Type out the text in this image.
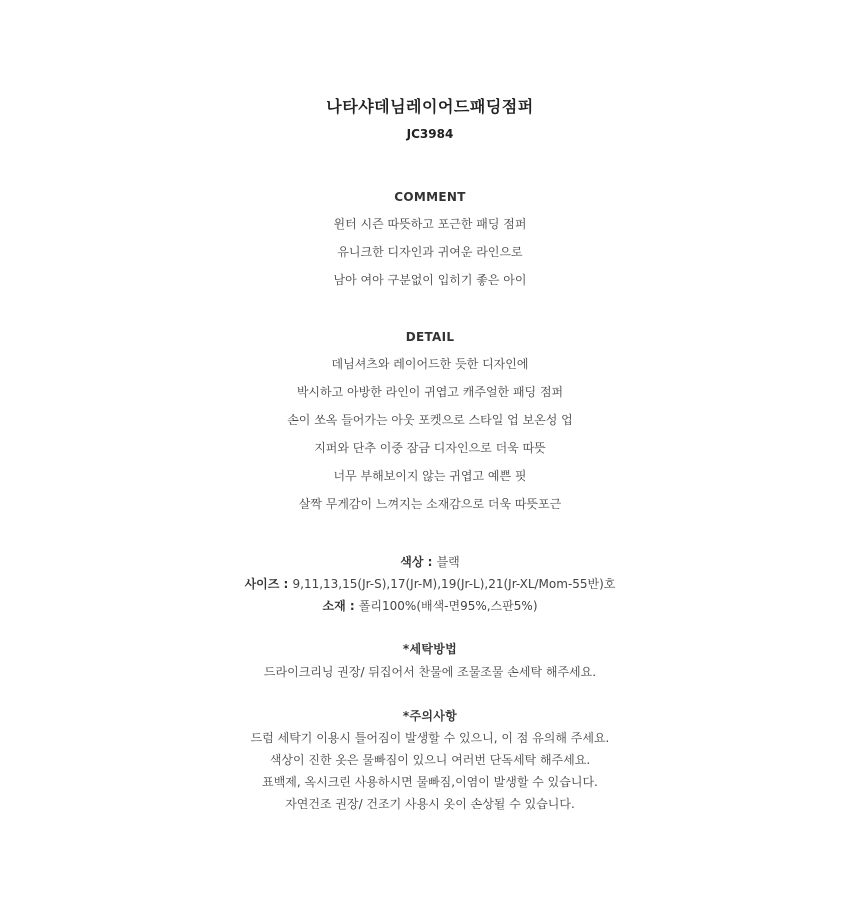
나타샤데님레이어드패딩점퍼
JC3984
COMMENT
윈터 시즌 따뜻하고 포근한 패딩 점퍼
유니크한 디자인과 귀여운 라인으로
남아 여아 구분없이 입히기 좋은 아이
DETAIL
데님셔츠와 레이어드한 듯한 디자인에
박시하고 아방한 라인이 귀엽고 캐주얼한 패딩 점퍼
손이 쏘옥 들어가는 아웃 포켓으로 스타일 업 보온성 업
지퍼와 단추 이중 잠금 디자인으로 더욱 따뜻
너무 부해보이지 않는 귀엽고 예쁜 핏
살짝 무게감이 느껴지는 소재감으로 더욱 따뜻포근
색상 : 블랙
사이즈 : 9,11,13,15(Jr-S),17(Jr-M),19(Jr-L),21(Jr-XL/Mom-55반)호
소재 : 폴리100%(배색-면95%,스판5%)
*세탁방법
드라이크리닝 권장/ 뒤집어서 찬물에 조물조물 손세탁 해주세요.
*주의사항
드럼 세탁기 이용시 틀어짐이 발생할 수 있으니, 이 점 유의해 주세요.
색상이 진한 옷은 물빠짐이 있으니 여러번 단독세탁 해주세요.
표백제, 옥시크린 사용하시면 물빠짐,이염이 발생할 수 있습니다.
자연건조 권장/ 건조기 사용시 옷이 손상될 수 있습니다.
